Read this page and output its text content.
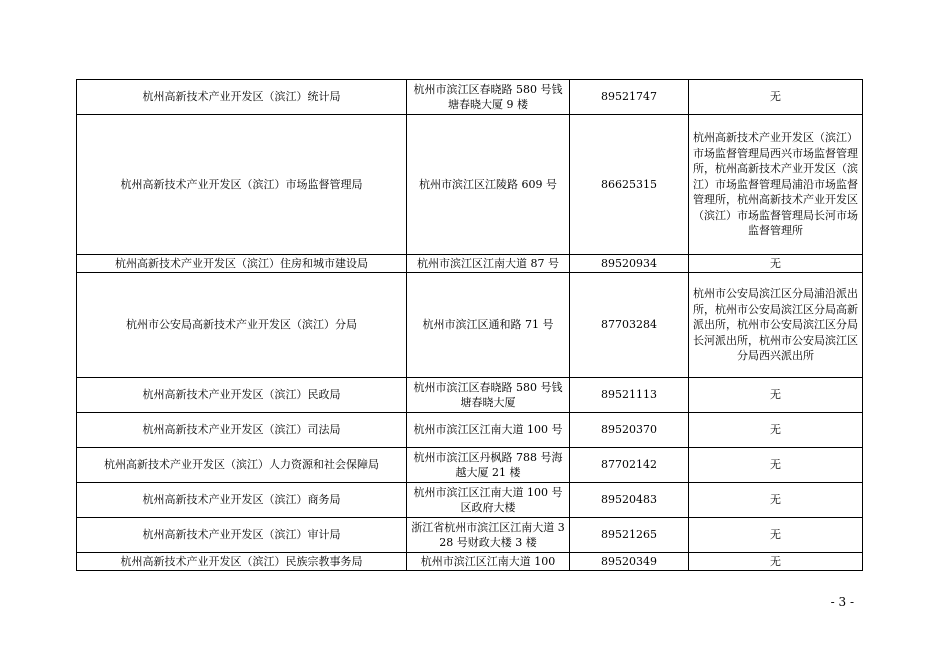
杭州高新技术产业开发区（滨江）统计局	杭州市滨江区春晓路 580 号钱塘春晓大厦 9 楼	89521747	无
杭州高新技术产业开发区（滨江）市场监督管理局	杭州市滨江区江陵路 609 号	86625315	杭州高新技术产业开发区（滨江）市场监督管理局西兴市场监督管理所，杭州高新技术产业开发区（滨江）市场监督管理局浦沿市场监督管理所，杭州高新技术产业开发区（滨江）市场监督管理局长河市场监督管理所
杭州高新技术产业开发区（滨江）住房和城市建设局	杭州市滨江区江南大道 87 号	89520934	无
杭州市公安局高新技术产业开发区（滨江）分局	杭州市滨江区通和路 71 号	87703284	杭州市公安局滨江区分局浦沿派出所，杭州市公安局滨江区分局高新派出所，杭州市公安局滨江区分局长河派出所，杭州市公安局滨江区分局西兴派出所
杭州高新技术产业开发区（滨江）民政局	杭州市滨江区春晓路 580 号钱塘春晓大厦	89521113	无
杭州高新技术产业开发区（滨江）司法局	杭州市滨江区江南大道 100 号	89520370	无
杭州高新技术产业开发区（滨江）人力资源和社会保障局	杭州市滨江区丹枫路 788 号海越大厦 21 楼	87702142	无
杭州高新技术产业开发区（滨江）商务局	杭州市滨江区江南大道 100 号区政府大楼	89520483	无
杭州高新技术产业开发区（滨江）审计局	浙江省杭州市滨江区江南大道 328 号财政大楼 3 楼	89521265	无
杭州高新技术产业开发区（滨江）民族宗教事务局	杭州市滨江区江南大道 100	89520349	无
- 3 -
